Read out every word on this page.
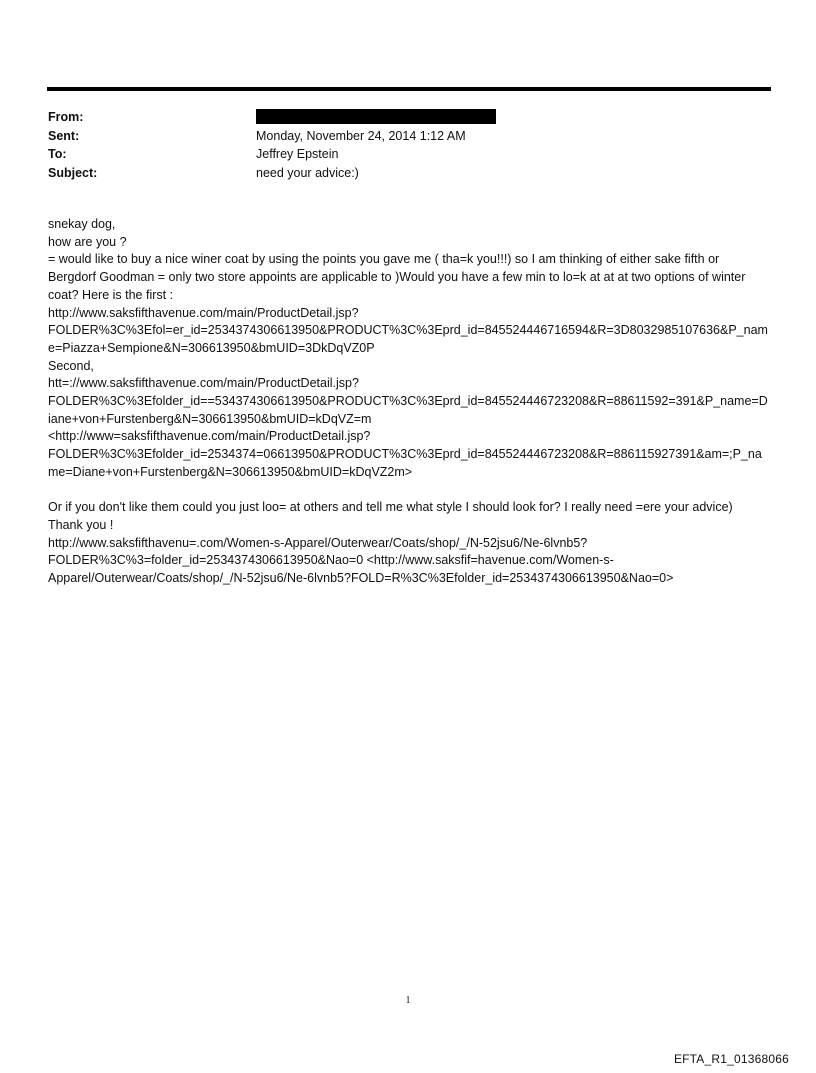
From:
Sent:	Monday, November 24, 2014 1:12 AM
To:	Jeffrey Epstein
Subject:	need your advice:)

snekay dog,

how are you ?

= would like to buy a nice winer coat by using the points you gave me ( tha=k you!!!) so I am thinking of either sake fifth or Bergdorf Goodman = only two store appoints are applicable to )Would you have a few min to lo=k at at at two options of winter coat? Here is the first :

http://www.saksfifthavenue.com/main/ProductDetail.jsp?FOLDER%3C%3Efol=er_id=2534374306613950&PRODUCT%3C%3Eprd_id=845524446716594&R=3D8032985107636&P_name=Piazza+Sempione&N=306613950&bmUID=3DkDqVZ0P

Second,

htt=://www.saksfifthavenue.com/main/ProductDetail.jsp?FOLDER%3C%3Efolder_id==534374306613950&PRODUCT%3C%3Eprd_id=845524446723208&R=88611592=391&P_name=Diane+von+Furstenberg&N=306613950&bmUID=kDqVZ=m

<http://www=saksfifthavenue.com/main/ProductDetail.jsp?FOLDER%3C%3Efolder_id=2534374=06613950&PRODUCT%3C%3Eprd_id=845524446723208&R=886115927391&am=;P_name=Diane+von+Furstenberg&N=306613950&bmUID=kDqVZ2m>

Or if you don't like them could you just loo= at others and tell me what style I should look for? I really need =ere your advice) Thank you !

http://www.saksfifthavenu=.com/Women-s-Apparel/Outerwear/Coats/shop/_/N-52jsu6/Ne-6lvnb5?FOLDER%3C%3=folder_id=2534374306613950&Nao=0 <http://www.saksfif=havenue.com/Women-s-Apparel/Outerwear/Coats/shop/_/N-52jsu6/Ne-6lvnb5?FOLD=R%3C%3Efolder_id=2534374306613950&Nao=0>

1
EFTA_R1_01368066
